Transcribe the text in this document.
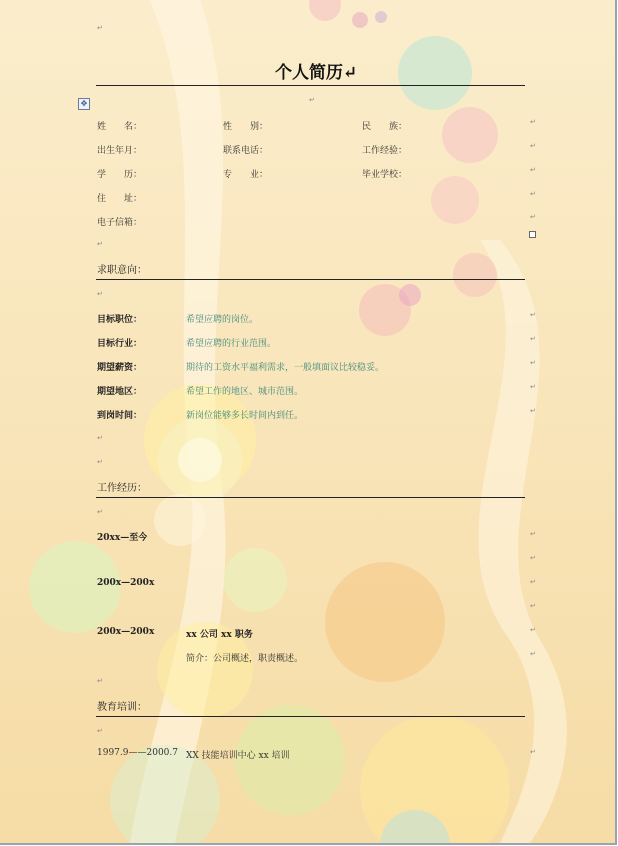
↵
个人简历↵
↵
✥
姓　　名：	性　　别：	民　　族：
出生年月：	联系电话：	工作经验：
学　　历：	专　　业：	毕业学校：
住　　址：
电子信箱：
↵
↵
↵
↵
↵
↵
求职意向：
↵
目标职位：	希望应聘的岗位。
目标行业：	希望应聘的行业范围。
期望薪资：	期待的工资水平福利需求，一般填面议比较稳妥。
期望地区：	希望工作的地区、城市范围。
到岗时间：	新岗位能够多长时间内到任。
↵
↵
↵
↵
↵
↵
↵
工作经历：
↵
20xx—至今
200x—200x
200x—200x	xx 公司 xx 职务
简介：公司概述，职责概述。
↵
↵
↵
↵
↵
↵
↵
教育培训：
↵
1997.9——2000.7 XX 技能培训中心 xx 培训	↵
